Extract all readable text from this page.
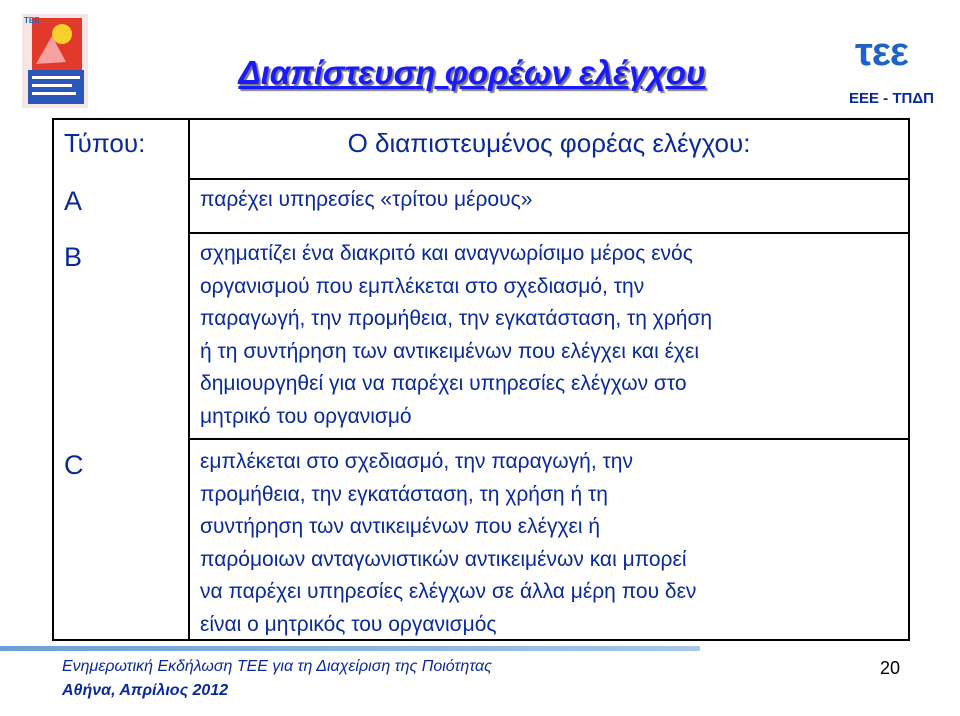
ΤΕΕ
τεε
ΕΕΕ - ΤΠΔΠ
Διαπίστευση φορέων ελέγχου
Τύπου:	Ο διαπιστευμένος φορέας ελέγχου:
A
B
C
παρέχει υπηρεσίες «τρίτου μέρους»
σχηματίζει ένα διακριτό και αναγνωρίσιμο μέρος ενός
οργανισμού που εμπλέκεται στο σχεδιασμό, την
παραγωγή, την προμήθεια, την εγκατάσταση, τη χρήση
ή τη συντήρηση των αντικειμένων που ελέγχει και έχει
δημιουργηθεί για να παρέχει υπηρεσίες ελέγχων στο
μητρικό του οργανισμό
εμπλέκεται στο σχεδιασμό, την παραγωγή, την
προμήθεια, την εγκατάσταση, τη χρήση ή τη
συντήρηση των αντικειμένων που ελέγχει ή
παρόμοιων ανταγωνιστικών αντικειμένων και μπορεί
να παρέχει υπηρεσίες ελέγχων σε άλλα μέρη που δεν
είναι ο μητρικός του οργανισμός
Ενημερωτική Εκδήλωση ΤΕΕ για τη Διαχείριση της Ποιότητας
Αθήνα, Απρίλιος 2012
20
